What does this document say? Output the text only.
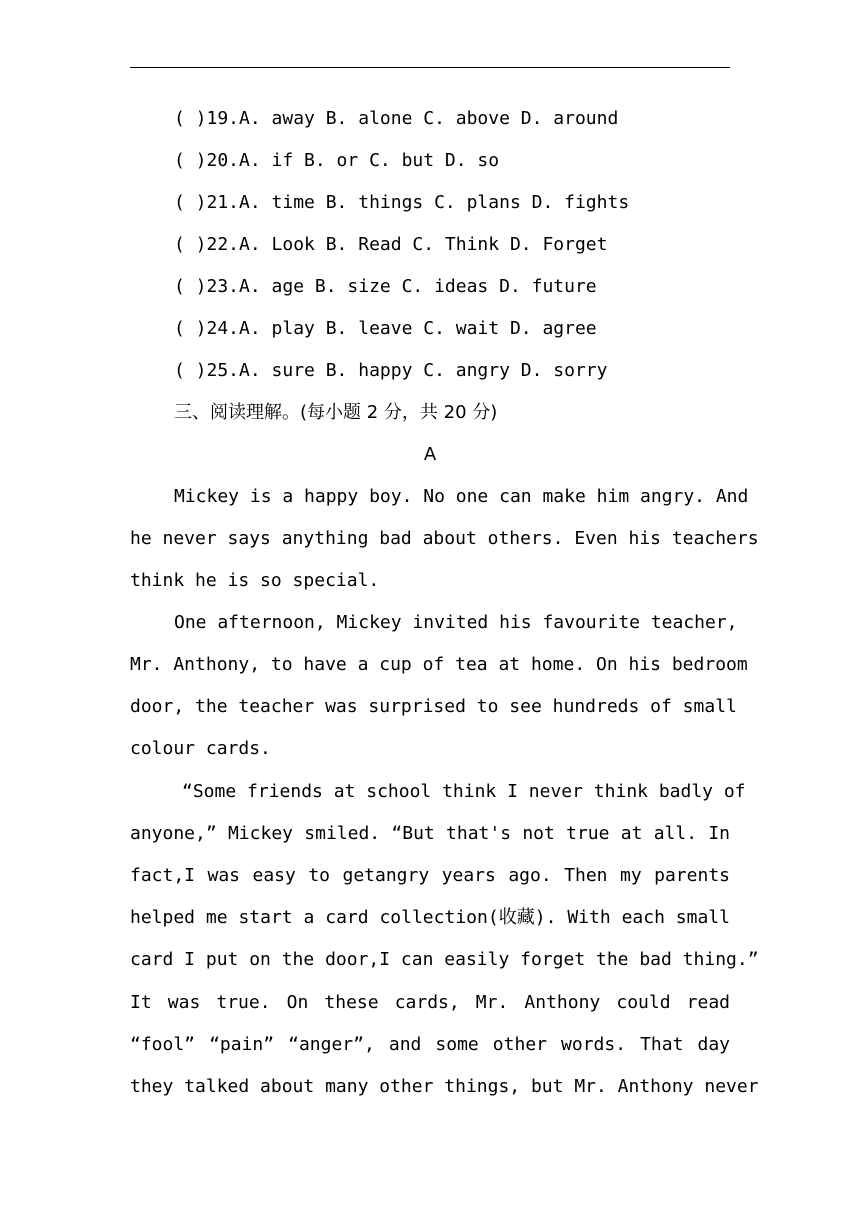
( )19.A. away B. alone C. above D. around
( )20.A. if B. or C. but D. so
( )21.A. time B. things C. plans D. fights
( )22.A. Look B. Read C. Think D. Forget
( )23.A. age B. size C. ideas D. future
( )24.A. play B. leave C. wait D. agree
( )25.A. sure B. happy C. angry D. sorry
三、阅读理解。(每小题 2 分，共 20 分)
A
Mickey is a happy boy. No one can make him angry. And
he never says anything bad about others. Even his teachers
think he is so special.
One afternoon, Mickey invited his favourite teacher,
Mr. Anthony, to have a cup of tea at home. On his bedroom
door, the teacher was surprised to see hundreds of small
colour cards.
“Some friends at school think I never think badly of
anyone,” Mickey smiled. “But that's not true at all. In
fact,I was easy to getangry years ago. Then my parents
helped me start a card collection(收藏). With each small
card I put on the door,I can easily forget the bad thing.”
It was true. On these cards, Mr. Anthony could read
“fool” “pain” “anger”, and some other words. That day
they talked about many other things, but Mr. Anthony never
